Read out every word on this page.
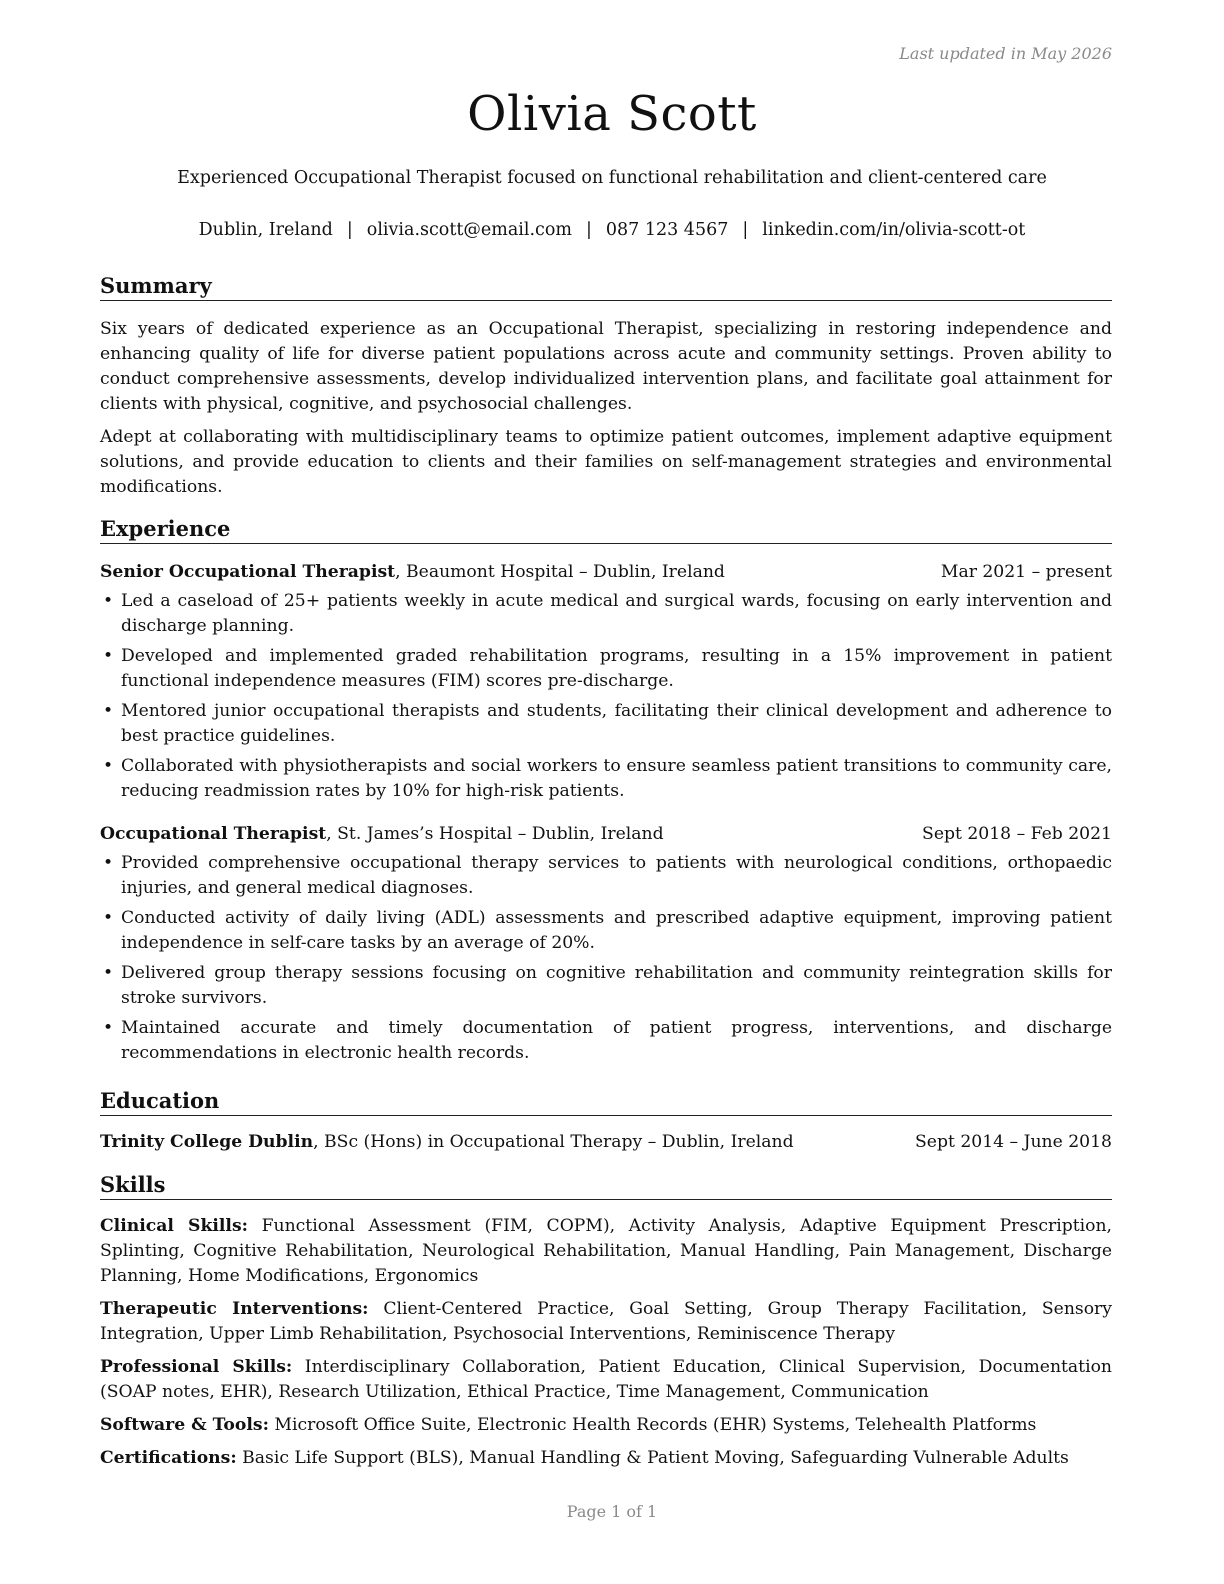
Last updated in May 2026
Olivia Scott
Experienced Occupational Therapist focused on functional rehabilitation and client-centered care
Dublin, Ireland | olivia.scott@email.com | 087 123 4567 | linkedin.com/in/olivia-scott-ot
Summary

Six years of dedicated experience as an Occupational Therapist, specializing in restoring independence and enhancing quality of life for diverse patient populations across acute and community settings. Proven ability to conduct comprehensive assessments, develop individualized intervention plans, and facilitate goal attainment for clients with physical, cognitive, and psychosocial challenges.

Adept at collaborating with multidisciplinary teams to optimize patient outcomes, implement adaptive equipment solutions, and provide education to clients and their families on self-management strategies and environmental modifications.

Experience
Senior Occupational Therapist, Beaumont Hospital – Dublin, Ireland	Mar 2021 – present
• Led a caseload of 25+ patients weekly in acute medical and surgical wards, focusing on early intervention and discharge planning.
• Developed and implemented graded rehabilitation programs, resulting in a 15% improvement in patient functional independence measures (FIM) scores pre-discharge.
• Mentored junior occupational therapists and students, facilitating their clinical development and adherence to best practice guidelines.
• Collaborated with physiotherapists and social workers to ensure seamless patient transitions to community care, reducing readmission rates by 10% for high-risk patients.
Occupational Therapist, St. James’s Hospital – Dublin, Ireland	Sept 2018 – Feb 2021
• Provided comprehensive occupational therapy services to patients with neurological conditions, orthopaedic injuries, and general medical diagnoses.
• Conducted activity of daily living (ADL) assessments and prescribed adaptive equipment, improving patient independence in self-care tasks by an average of 20%.
• Delivered group therapy sessions focusing on cognitive rehabilitation and community reintegration skills for stroke survivors.
• Maintained accurate and timely documentation of patient progress, interventions, and discharge recommendations in electronic health records.
Education
Trinity College Dublin, BSc (Hons) in Occupational Therapy – Dublin, Ireland	Sept 2014 – June 2018
Skills

Clinical Skills: Functional Assessment (FIM, COPM), Activity Analysis, Adaptive Equipment Prescription, Splinting, Cognitive Rehabilitation, Neurological Rehabilitation, Manual Handling, Pain Management, Discharge Planning, Home Modifications, Ergonomics

Therapeutic Interventions: Client-Centered Practice, Goal Setting, Group Therapy Facilitation, Sensory Integration, Upper Limb Rehabilitation, Psychosocial Interventions, Reminiscence Therapy

Professional Skills: Interdisciplinary Collaboration, Patient Education, Clinical Supervision, Documentation (SOAP notes, EHR), Research Utilization, Ethical Practice, Time Management, Communication

Software & Tools: Microsoft Office Suite, Electronic Health Records (EHR) Systems, Telehealth Platforms

Certifications: Basic Life Support (BLS), Manual Handling & Patient Moving, Safeguarding Vulnerable Adults

Page 1 of 1
